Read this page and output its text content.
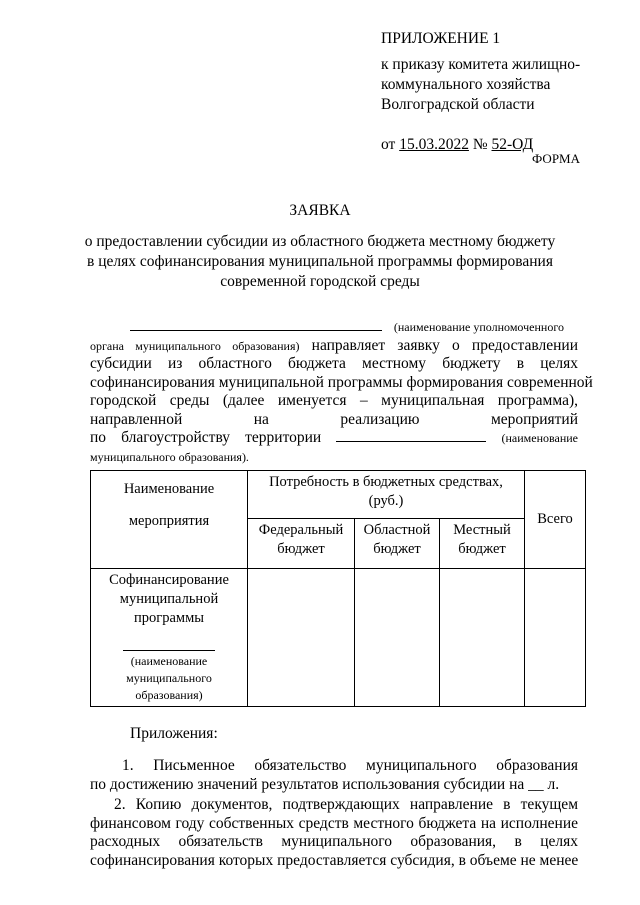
ПРИЛОЖЕНИЕ 1
к приказу комитета жилищно-
коммунального хозяйства
Волгоградской области
от 15.03.2022 № 52-ОД
ФОРМА
ЗАЯВКА
о предоставлении субсидии из областного бюджета местному бюджету
в целях софинансирования муниципальной программы формирования
современной городской среды
(наименование уполномоченного
органа муниципального образования) направляет заявку о предоставлении
субсидии из областного бюджета местному бюджету в целях
софинансирования муниципальной программы формирования современной
городской среды (далее именуется – муниципальная программа),
направленной на реализацию мероприятий
по благоустройству территории	(наименование
муниципального образования).
Наименование мероприятия	Потребность в бюджетных средствах, (руб.)			Всего
	Федеральный бюджет	Областной бюджет	Местный бюджет	

Софинансирование муниципальной программы
(наименование муниципального образования)				

Приложения:
1. Письменное обязательство муниципального образования
по достижению значений результатов использования субсидии на __ л.
2. Копию документов, подтверждающих направление в текущем
финансовом году собственных средств местного бюджета на исполнение
расходных обязательств муниципального образования, в целях
софинансирования которых предоставляется субсидия, в объеме не менее
